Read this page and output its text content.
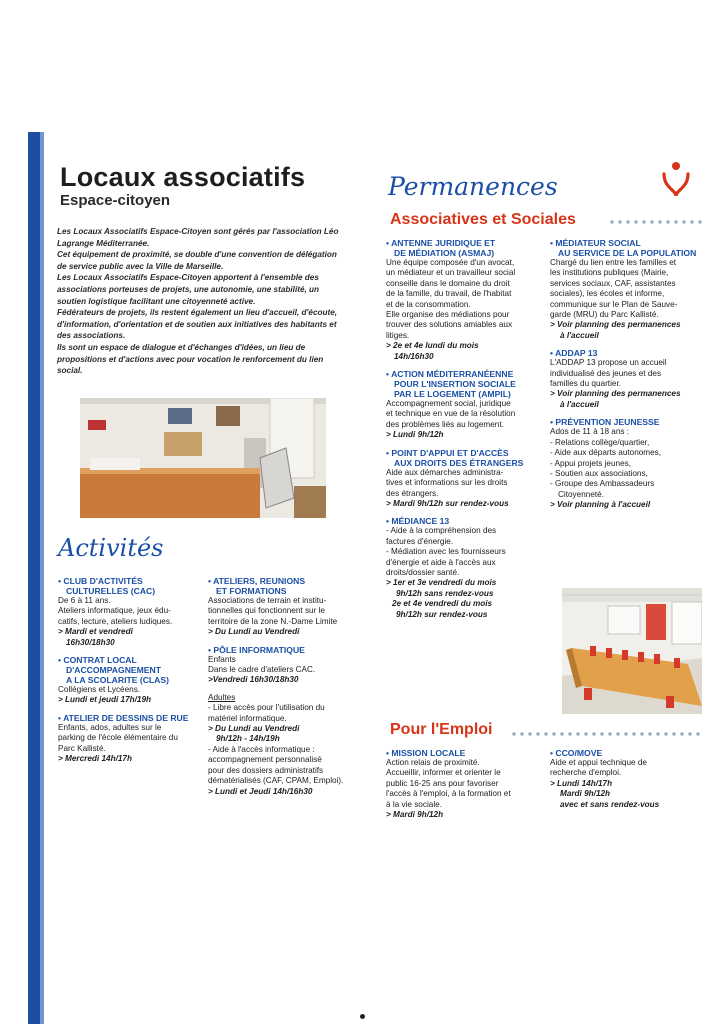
Locaux associatifs
Espace-citoyen

Les Locaux Associatifs Espace-Citoyen sont gérés par l'association Léo Lagrange Méditerranée.

Cet équipement de proximité, se double d'une convention de délégation de service public avec la Ville de Marseille.

Les Locaux Associatifs Espace-Citoyen apportent à l'ensemble des associations porteuses de projets, une autonomie, une stabilité, un soutien logistique facilitant une citoyenneté active.

Fédérateurs de projets, ils restent également un lieu d'accueil, d'écoute, d'information, d'orientation et de soutien aux initiatives des habitants et des associations.

Ils sont un espace de dialogue et d'échanges d'idées, un lieu de propositions et d'actions avec pour vocation le renforcement du lien social.

Activités
• CLUB D'ACTIVITÉS
CULTURELLES (CAC)

De 6 à 11 ans.

Ateliers informatique, jeux édu-

catifs, lecture, ateliers ludiques.

> Mardi et vendredi

16h30/18h30

• CONTRAT LOCAL
D'ACCOMPAGNEMENT
A LA SCOLARITE (CLAS)

Collégiens et Lycéens.

> Lundi et jeudi 17h/19h

• ATELIER DE DESSINS DE RUE

Enfants, ados, adultes sur le

parking de l'école élémentaire du

Parc Kallisté.

> Mercredi 14h/17h

• ATELIERS, REUNIONS
ET FORMATIONS

Associations de terrain et institu-

tionnelles qui fonctionnent sur le

territoire de la zone N.-Dame Limite

> Du Lundi au Vendredi

• PÔLE INFORMATIQUE

Enfants

Dans le cadre d'ateliers CAC.

>Vendredi 16h30/18h30

Adultes

- Libre accès pour l'utilisation du

matériel informatique.

> Du Lundi au Vendredi

9h/12h - 14h/19h

- Aide à l'accès informatique :

accompagnement personnalisé

pour des dossiers administratifs

dématérialisés (CAF, CPAM, Emploi).

> Lundi et Jeudi 14h/16h30

Permanences
Associatives et Sociales
• ANTENNE JURIDIQUE ET
DE MÉDIATION (ASMAJ)

Une équipe composée d'un avocat,

un médiateur et un travailleur social

conseille dans le domaine du droit

de la famille, du travail, de l'habitat

et de la consommation.

Elle organise des médiations pour

trouver des solutions amiables aux

litiges.

> 2e et 4e lundi du mois

14h/16h30

• ACTION MÉDITERRANÉENNE
POUR L'INSERTION SOCIALE
PAR LE LOGEMENT (AMPIL)

Accompagnement social, juridique

et technique en vue de la résolution

des problèmes liés au logement.

> Lundi 9h/12h

• POINT D'APPUI ET D'ACCÈS
AUX DROITS DES ÉTRANGERS

Aide aux démarches administra-

tives et informations sur les droits

des étrangers.

> Mardi 9h/12h sur rendez-vous

• MÉDIANCE 13

- Aide à la compréhension des

factures d'énergie.

- Médiation avec les fournisseurs

d'énergie et aide à l'accès aux

droits/dossier santé.

> 1er et 3e vendredi du mois

9h/12h sans rendez-vous

2e et 4e vendredi du mois

9h/12h sur rendez-vous

• MÉDIATEUR SOCIAL
AU SERVICE DE LA POPULATION

Chargé du lien entre les familles et

les institutions publiques (Mairie,

services sociaux, CAF, assistantes

sociales), les écoles et informe,

communique sur le Plan de Sauve-

garde (MRU) du Parc Kallisté.

> Voir planning des permanences

à l'accueil

• ADDAP 13

L'ADDAP 13 propose un accueil

individualisé des jeunes et des

familles du quartier.

> Voir planning des permanences

à l'accueil

• PRÉVENTION JEUNESSE

Ados de 11 à 18 ans :

- Relations collège/quartier,

- Aide aux départs autonomes,

- Appui projets jeunes,

- Soutien aux associations,

- Groupe des Ambassadeurs

Citoyenneté.

> Voir planning à l'accueil

Pour l'Emploi
• MISSION LOCALE

Action relais de proximité.

Accueillir, informer et orienter le

public 16-25 ans pour favoriser

l'accès à l'emploi, à la formation et

à la vie sociale.

> Mardi 9h/12h

• CCO/MOVE

Aide et appui technique de

recherche d'emploi.

> Lundi 14h/17h

Mardi 9h/12h

avec et sans rendez-vous
